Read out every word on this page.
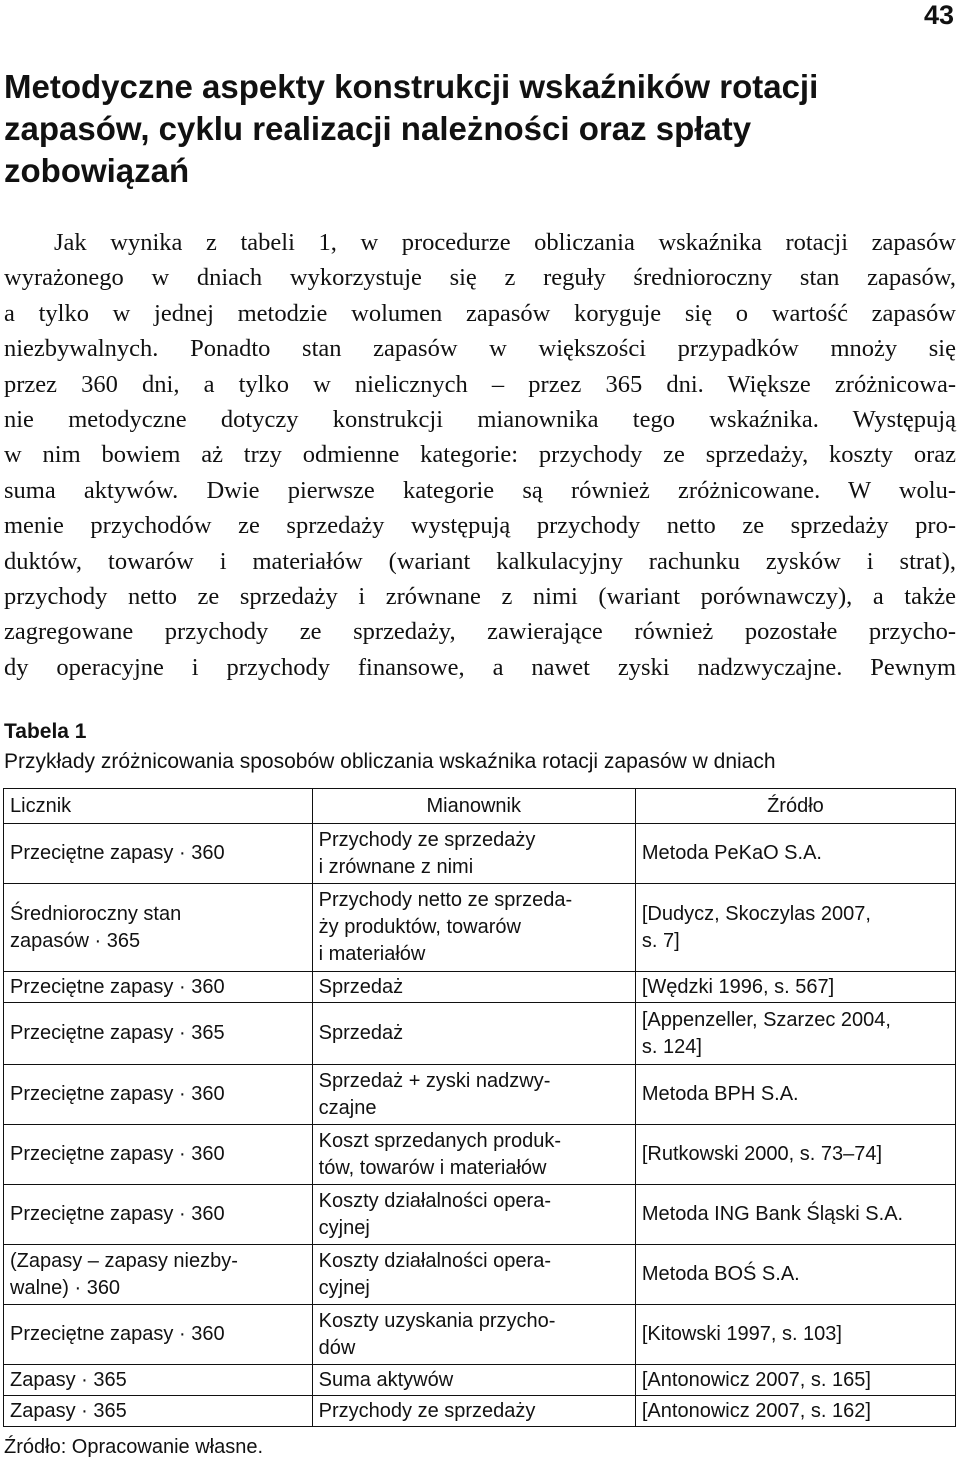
43
Metodyczne aspekty konstrukcji wskaźników rotacji
zapasów, cyklu realizacji należności oraz spłaty
zobowiązań
Jak wynika z tabeli 1, w procedurze obliczania wskaźnika rotacji zapasów
wyrażonego w dniach wykorzystuje się z reguły średnioroczny stan zapasów,
a tylko w jednej metodzie wolumen zapasów koryguje się o wartość zapasów
niezbywalnych. Ponadto stan zapasów w większości przypadków mnoży się
przez 360 dni, a tylko w nielicznych – przez 365 dni. Większe zróżnicowa-
nie metodyczne dotyczy konstrukcji mianownika tego wskaźnika. Występują
w nim bowiem aż trzy odmienne kategorie: przychody ze sprzedaży, koszty oraz
suma aktywów. Dwie pierwsze kategorie są również zróżnicowane. W wolu-
menie przychodów ze sprzedaży występują przychody netto ze sprzedaży pro-
duktów, towarów i materiałów (wariant kalkulacyjny rachunku zysków i strat),
przychody netto ze sprzedaży i zrównane z nimi (wariant porównawczy), a także
zagregowane przychody ze sprzedaży, zawierające również pozostałe przycho-
dy operacyjne i przychody finansowe, a nawet zyski nadzwyczajne. Pewnym
Tabela 1
Przykłady zróżnicowania sposobów obliczania wskaźnika rotacji zapasów w dniach
Licznik	Mianownik	Źródło
Przeciętne zapasy · 360	Przychody ze sprzedaży
i zrównane z nimi	Metoda PeKaO S.A.
Średnioroczny stan
zapasów · 365	Przychody netto ze sprzeda-
ży produktów, towarów
i materiałów	[Dudycz, Skoczylas 2007,
s. 7]
Przeciętne zapasy · 360	Sprzedaż	[Wędzki 1996, s. 567]
Przeciętne zapasy · 365	Sprzedaż	[Appenzeller, Szarzec 2004,
s. 124]
Przeciętne zapasy · 360	Sprzedaż + zyski nadzwy-
czajne	Metoda BPH S.A.
Przeciętne zapasy · 360	Koszt sprzedanych produk-
tów, towarów i materiałów	[Rutkowski 2000, s. 73–74]
Przeciętne zapasy · 360	Koszty działalności opera-
cyjnej	Metoda ING Bank Śląski S.A.
(Zapasy – zapasy niezby-
walne) · 360	Koszty działalności opera-
cyjnej	Metoda BOŚ S.A.
Przeciętne zapasy · 360	Koszty uzyskania przycho-
dów	[Kitowski 1997, s. 103]
Zapasy · 365	Suma aktywów	[Antonowicz 2007, s. 165]
Zapasy · 365	Przychody ze sprzedaży	[Antonowicz 2007, s. 162]
Źródło: Opracowanie własne.
